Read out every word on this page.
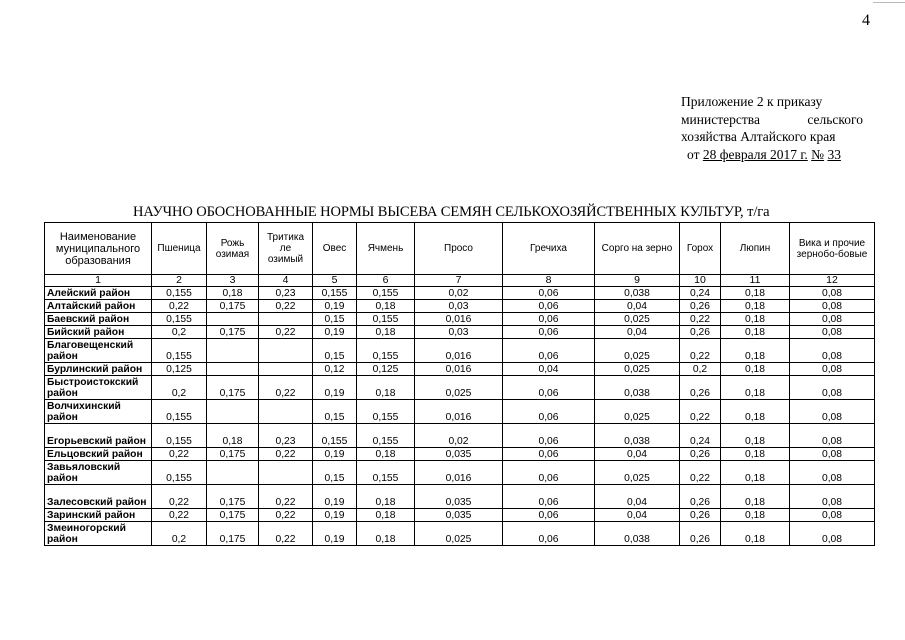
4
Приложение 2 к приказу
министерства	сельского
хозяйства Алтайского края
от 28 февраля 2017 г. № 33
НАУЧНО ОБОСНОВАННЫЕ НОРМЫ ВЫСЕВА СЕМЯН СЕЛЬКОХОЗЯЙСТВЕННЫХ КУЛЬТУР, т/га
Наименование муниципального образования	Пшеница	Рожь озимая	Тритика ле озимый	Овес	Ячмень	Просо	Гречиха	Сорго на зерно	Горох	Люпин	Вика и прочие зернобо-бовые
1	2	3	4	5	6	7	8	9	10	11	12
Алейский район	0,155	0,18	0,23	0,155	0,155	0,02	0,06	0,038	0,24	0,18	0,08
Алтайский район	0,22	0,175	0,22	0,19	0,18	0,03	0,06	0,04	0,26	0,18	0,08
Баевский район	0,155			0,15	0,155	0,016	0,06	0,025	0,22	0,18	0,08
Бийский район	0,2	0,175	0,22	0,19	0,18	0,03	0,06	0,04	0,26	0,18	0,08
Благовещенский район	0,155			0,15	0,155	0,016	0,06	0,025	0,22	0,18	0,08
Бурлинский район	0,125			0,12	0,125	0,016	0,04	0,025	0,2	0,18	0,08
Быстроистокский район	0,2	0,175	0,22	0,19	0,18	0,025	0,06	0,038	0,26	0,18	0,08
Волчихинский район	0,155			0,15	0,155	0,016	0,06	0,025	0,22	0,18	0,08
Егорьевский район	0,155	0,18	0,23	0,155	0,155	0,02	0,06	0,038	0,24	0,18	0,08
Ельцовский район	0,22	0,175	0,22	0,19	0,18	0,035	0,06	0,04	0,26	0,18	0,08
Завьяловский район	0,155			0,15	0,155	0,016	0,06	0,025	0,22	0,18	0,08
Залесовский район	0,22	0,175	0,22	0,19	0,18	0,035	0,06	0,04	0,26	0,18	0,08
Заринский район	0,22	0,175	0,22	0,19	0,18	0,035	0,06	0,04	0,26	0,18	0,08
Змеиногорский район	0,2	0,175	0,22	0,19	0,18	0,025	0,06	0,038	0,26	0,18	0,08
